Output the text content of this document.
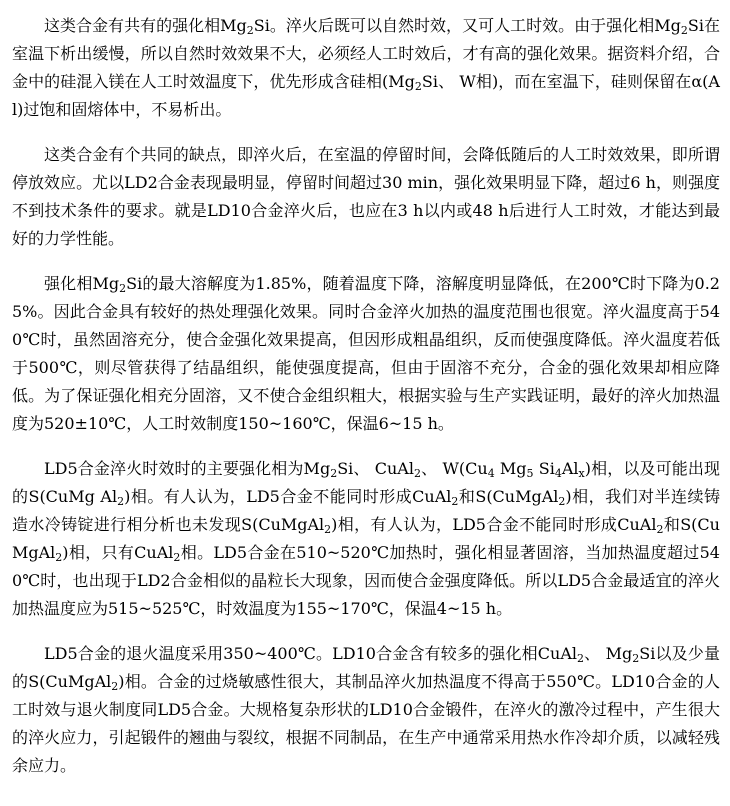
这类合金有共有的强化相$Mg_2Si$。淬火后既可以自然时效，又可人工时效。由于强化相$Mg_2Si$在室温下析出缓慢，所以自然时效效果不大，必须经人工时效后，才有高的强化效果。据资料介绍，合金中的硅混入镁在人工时效温度下，优先形成含硅相($Mg_2Si$、 W相)，而在室温下，硅则保留在α(Al)过饱和固熔体中，不易析出。

这类合金有个共同的缺点，即淬火后，在室温的停留时间，会降低随后的人工时效效果，即所谓停放效应。尤以LD2合金表现最明显，停留时间超过30 min，强化效果明显下降，超过6 h，则强度不到技术条件的要求。就是LD10合金淬火后，也应在3 h以内或48 h后进行人工时效，才能达到最好的力学性能。

强化相$Mg_2Si$的最大溶解度为1.85%，随着温度下降，溶解度明显降低，在200℃时下降为0.25%。因此合金具有较好的热处理强化效果。同时合金淬火加热的温度范围也很宽。淬火温度高于540℃时，虽然固溶充分，使合金强化效果提高，但因形成粗晶组织，反而使强度降低。淬火温度若低于500℃，则尽管获得了结晶组织，能使强度提高，但由于固溶不充分，合金的强化效果却相应降低。为了保证强化相充分固溶，又不使合金组织粗大，根据实验与生产实践证明，最好的淬火加热温度为520±10℃，人工时效制度150~160℃，保温6~15 h。

LD5合金淬火时效时的主要强化相为$Mg_2Si$、 CuAl$_2$、 $W(Cu_4$ $Mg_5$ $Si_4Al_x$)相，以及可能出现的S(CuMg $Al_2$)相。有人认为，LD5合金不能同时形成CuAl$_2$和S(CuMgAl$_2$)相，我们对半连续铸造水冷铸锭进行相分析也未发现S(CuMgAl$_2$)相，有人认为，LD5合金不能同时形成CuAl$_2$和S(CuMgAl$_2$)相，只有CuAl$_2$相。LD5合金在510~520℃加热时，强化相显著固溶，当加热温度超过540℃时，也出现于LD2合金相似的晶粒长大现象，因而使合金强度降低。所以LD5合金最适宜的淬火加热温度应为515~525℃，时效温度为155~170℃，保温4~15 h。

LD5合金的退火温度采用350~400℃。LD10合金含有较多的强化相CuAl$_2$、 $Mg_2Si$以及少量的S(CuMgAl$_2$)相。合金的过烧敏感性很大，其制品淬火加热温度不得高于550℃。LD10合金的人工时效与退火制度同LD5合金。大规格复杂形状的LD10合金锻件，在淬火的激冷过程中，产生很大的淬火应力，引起锻件的翘曲与裂纹，根据不同制品，在生产中通常采用热水作冷却介质，以减轻残余应力。
